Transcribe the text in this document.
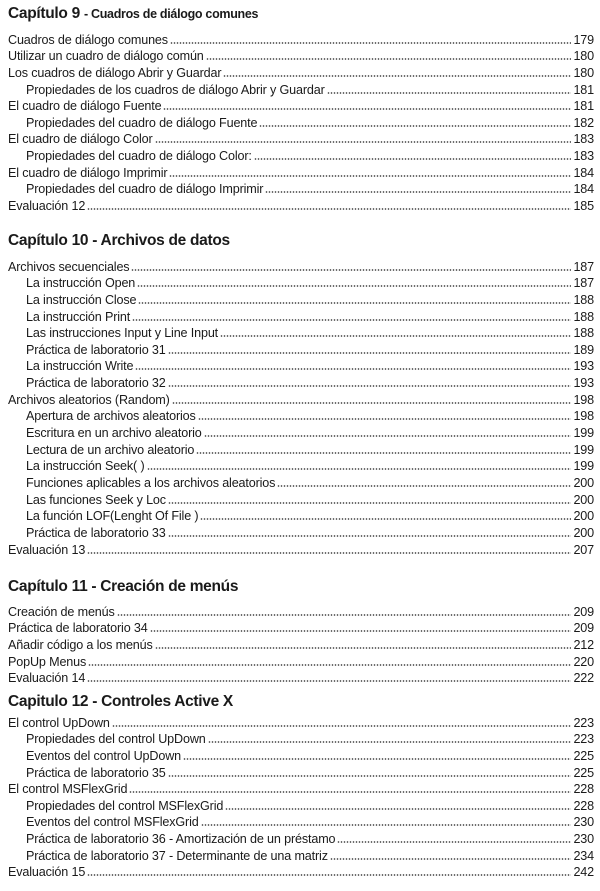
Capítulo 9 - Cuadros de diálogo comunes
Cuadros de diálogo comunes	179
Utilizar un cuadro de diálogo común	180
Los cuadros de diálogo Abrir y Guardar	180
Propiedades de los cuadros de diálogo Abrir y Guardar	181
El cuadro de diálogo Fuente	181
Propiedades del cuadro de diálogo Fuente	182
El cuadro de diálogo Color	183
Propiedades del cuadro de diálogo Color:	183
El cuadro de diálogo Imprimir	184
Propiedades del cuadro de diálogo Imprimir	184
Evaluación 12	185
Capítulo 10 - Archivos de datos
Archivos secuenciales	187
La instrucción Open	187
La instrucción Close	188
La instrucción Print	188
Las instrucciones Input y Line Input	188
Práctica de laboratorio 31	189
La instrucción Write	193
Práctica de laboratorio 32	193
Archivos aleatorios (Random)	198
Apertura de archivos aleatorios	198
Escritura en un archivo aleatorio	199
Lectura de un archivo aleatorio	199
La instrucción Seek( )	199
Funciones aplicables a los archivos aleatorios	200
Las funciones Seek y Loc	200
La función LOF(Lenght Of File )	200
Práctica de laboratorio 33	200
Evaluación 13	207
Capítulo 11 - Creación de menús
Creación de menús	209
Práctica de laboratorio 34	209
Añadir código a los menús	212
PopUp Menus	220
Evaluación 14	222
Capitulo 12 - Controles Active X
El control UpDown	223
Propiedades del control UpDown	223
Eventos del control UpDown	225
Práctica de laboratorio 35	225
El control MSFlexGrid	228
Propiedades del control MSFlexGrid	228
Eventos del control MSFlexGrid	230
Práctica de laboratorio 36 - Amortización de un préstamo	230
Práctica de laboratorio 37 - Determinante de una matriz	234
Evaluación 15	242
